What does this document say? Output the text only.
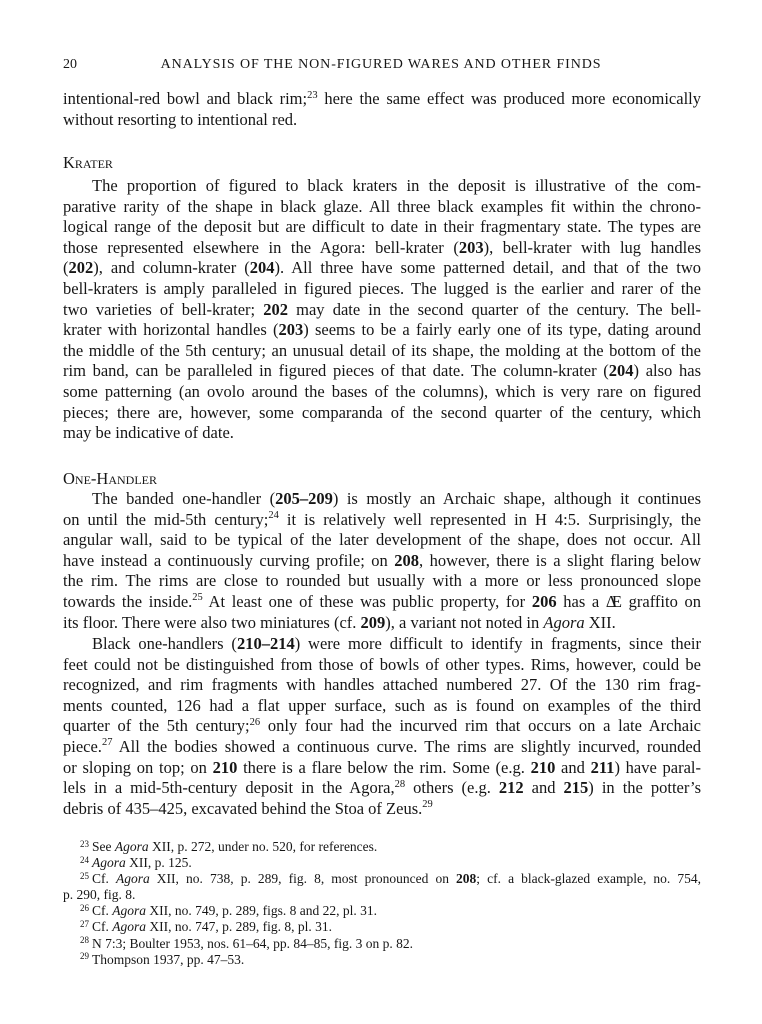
20	ANALYSIS OF THE NON-FIGURED WARES AND OTHER FINDS
intentional-red bowl and black rim;$^{23}$ here the same effect was produced more economically
without resorting to intentional red.
Krater
The proportion of figured to black kraters in the deposit is illustrative of the com-
parative rarity of the shape in black glaze. All three black examples fit within the chrono-
logical range of the deposit but are difficult to date in their fragmentary state. The types are
those represented elsewhere in the Agora: bell-krater (203), bell-krater with lug handles
(202), and column-krater (204). All three have some patterned detail, and that of the two
bell-kraters is amply paralleled in figured pieces. The lugged is the earlier and rarer of the
two varieties of bell-krater; 202 may date in the second quarter of the century. The bell-
krater with horizontal handles (203) seems to be a fairly early one of its type, dating around
the middle of the 5th century; an unusual detail of its shape, the molding at the bottom of the
rim band, can be paralleled in figured pieces of that date. The column-krater (204) also has
some patterning (an ovolo around the bases of the columns), which is very rare on figured
pieces; there are, however, some comparanda of the second quarter of the century, which
may be indicative of date.
One-Handler
The banded one-handler (205–209) is mostly an Archaic shape, although it continues
on until the mid-5th century;$^{24}$ it is relatively well represented in H 4:5. Surprisingly, the
angular wall, said to be typical of the later development of the shape, does not occur. All
have instead a continuously curving profile; on 208, however, there is a slight flaring below
the rim. The rims are close to rounded but usually with a more or less pronounced slope
towards the inside.$^{25}$ At least one of these was public property, for 206 has a ΔΕ graffito on
its floor. There were also two miniatures (cf. 209), a variant not noted in Agora XII.
Black one-handlers (210–214) were more difficult to identify in fragments, since their
feet could not be distinguished from those of bowls of other types. Rims, however, could be
recognized, and rim fragments with handles attached numbered 27. Of the 130 rim frag-
ments counted, 126 had a flat upper surface, such as is found on examples of the third
quarter of the 5th century;$^{26}$ only four had the incurved rim that occurs on a late Archaic
piece.$^{27}$ All the bodies showed a continuous curve. The rims are slightly incurved, rounded
or sloping on top; on 210 there is a flare below the rim. Some (e.g. 210 and 211) have paral-
lels in a mid-5th-century deposit in the Agora,$^{28}$ others (e.g. 212 and 215) in the potter’s
debris of 435–425, excavated behind the Stoa of Zeus.$^{29}$
$^{23}$ See Agora XII, p. 272, under no. 520, for references.
$^{24}$ Agora XII, p. 125.
$^{25}$ Cf. Agora XII, no. 738, p. 289, fig. 8, most pronounced on 208; cf. a black-glazed example, no. 754,
p. 290, fig. 8.
$^{26}$ Cf. Agora XII, no. 749, p. 289, figs. 8 and 22, pl. 31.
$^{27}$ Cf. Agora XII, no. 747, p. 289, fig. 8, pl. 31.
$^{28}$ N 7:3; Boulter 1953, nos. 61–64, pp. 84–85, fig. 3 on p. 82.
$^{29}$ Thompson 1937, pp. 47–53.
